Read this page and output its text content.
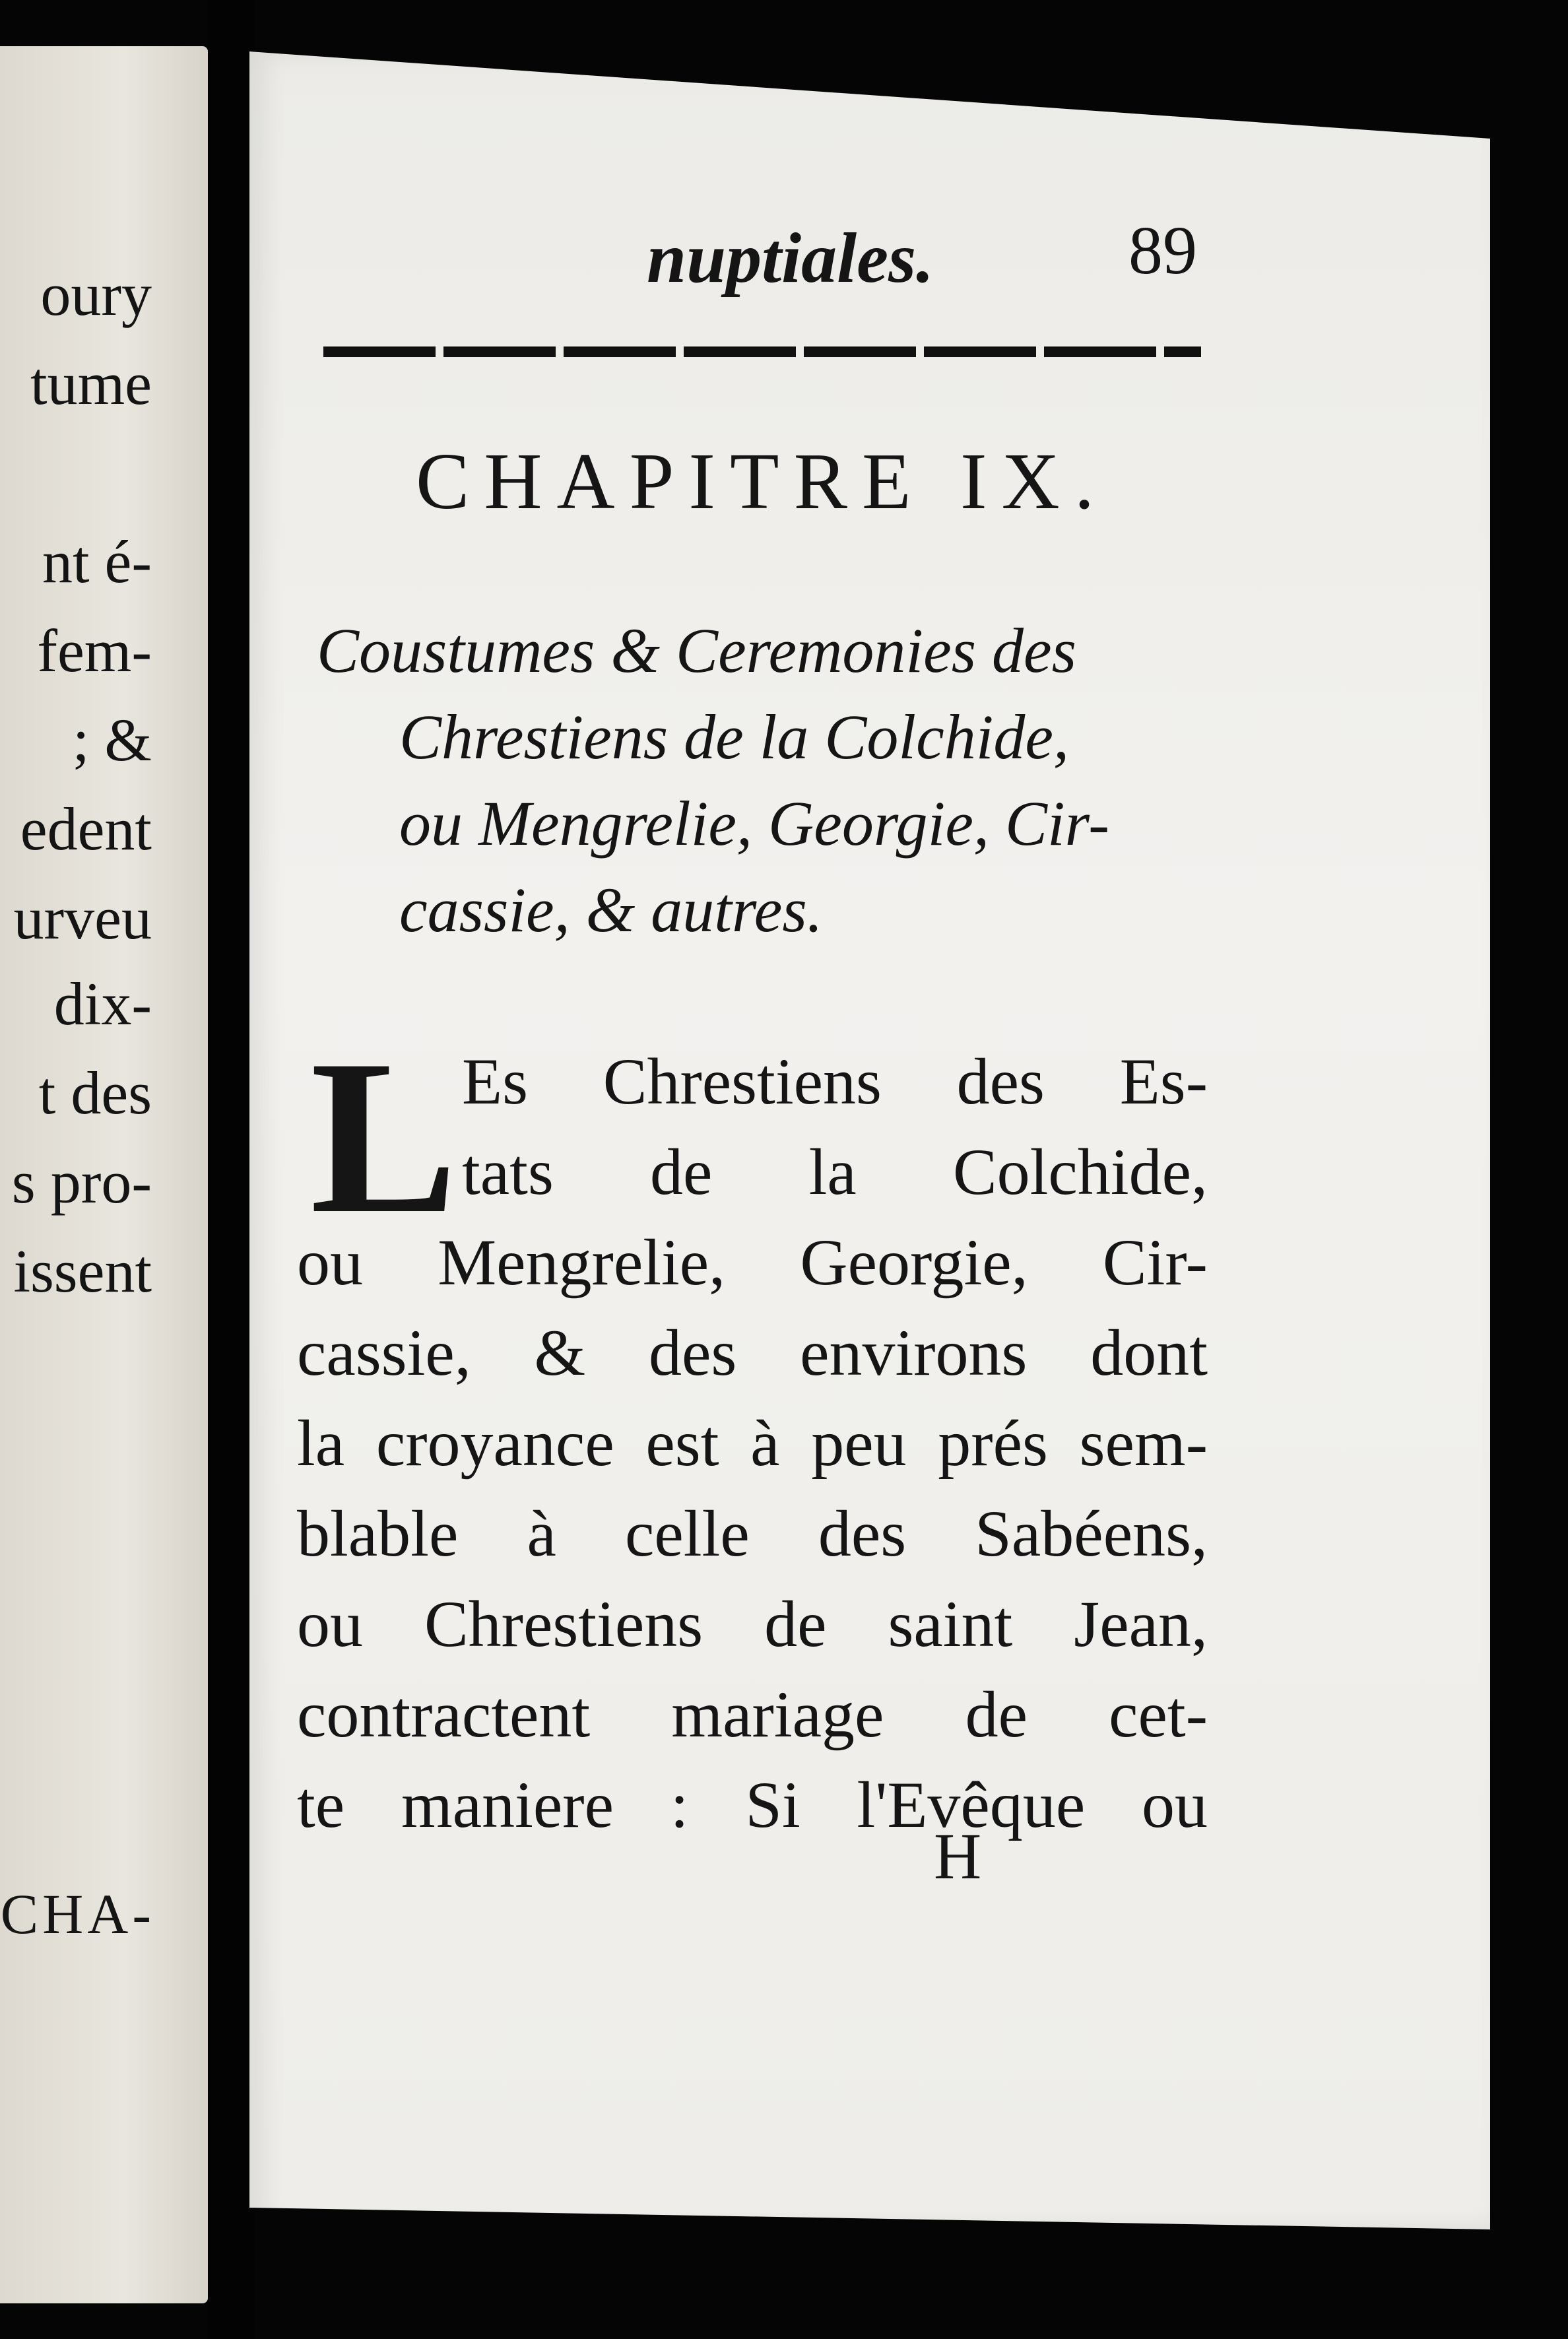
oury
tume
nt é-
fem-
; &
edent
urveu
dix-
t des
s pro-
issent
CHA-
nuptiales.	89
CHAPITRE IX.
Coustumes & Ceremonies des
Chrestiens de la Colchide,
ou Mengrelie, Georgie, Cir-
cassie, & autres.
L Es Chrestiens des Es-
tats de la Colchide,
ou Mengrelie, Georgie, Cir-
cassie, & des environs dont
la croyance est à peu prés sem-
blable à celle des Sabéens,
ou Chrestiens de saint Jean,
contractent mariage de cet-
te maniere : Si l'Evêque ou
H
